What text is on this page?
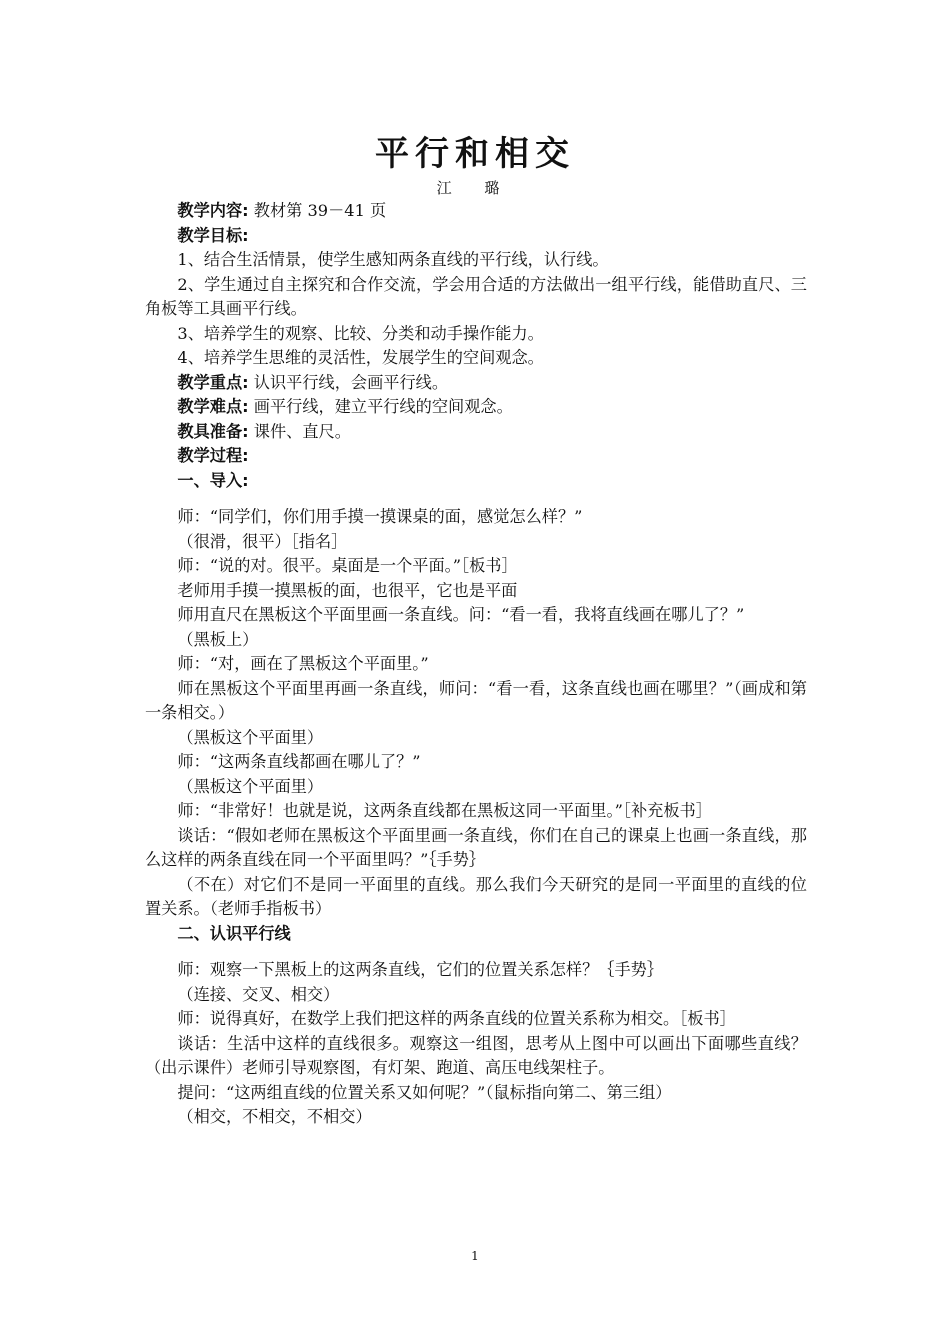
平行和相交
江 璐

教学内容: 教材第 39－41 页

教学目标:

1、结合生活情景，使学生感知两条直线的平行线，认行线。

2、学生通过自主探究和合作交流，学会用合适的方法做出一组平行线，能借助直尺、三角板等工具画平行线。

3、培养学生的观察、比较、分类和动手操作能力。

4、培养学生思维的灵活性，发展学生的空间观念。

教学重点: 认识平行线，会画平行线。

教学难点: 画平行线，建立平行线的空间观念。

教具准备: 课件、直尺。

教学过程:

一、导入:

师：“同学们，你们用手摸一摸课桌的面，感觉怎么样？”

（很滑，很平）［指名］

师：“说的对。很平。桌面是一个平面。”［板书］

老师用手摸一摸黑板的面，也很平，它也是平面

师用直尺在黑板这个平面里画一条直线。问：“看一看，我将直线画在哪儿了？”

（黑板上）

师：“对，画在了黑板这个平面里。”

师在黑板这个平面里再画一条直线，师问：“看一看，这条直线也画在哪里？”（画成和第一条相交。）

（黑板这个平面里）

师：“这两条直线都画在哪儿了？”

（黑板这个平面里）

师：“非常好！也就是说，这两条直线都在黑板这同一平面里。”［补充板书］

谈话：“假如老师在黑板这个平面里画一条直线，你们在自己的课桌上也画一条直线，那么这样的两条直线在同一个平面里吗？”｛手势｝

（不在）对它们不是同一平面里的直线。那么我们今天研究的是同一平面里的直线的位置关系。（老师手指板书）

二、认识平行线

师：观察一下黑板上的这两条直线，它们的位置关系怎样？｛手势｝

（连接、交叉、相交）

师：说得真好，在数学上我们把这样的两条直线的位置关系称为相交。［板书］

谈话：生活中这样的直线很多。观察这一组图，思考从上图中可以画出下面哪些直线？（出示课件）老师引导观察图，有灯架、跑道、高压电线架柱子。

提问：“这两组直线的位置关系又如何呢？”（鼠标指向第二、第三组）

（相交，不相交，不相交）

1
